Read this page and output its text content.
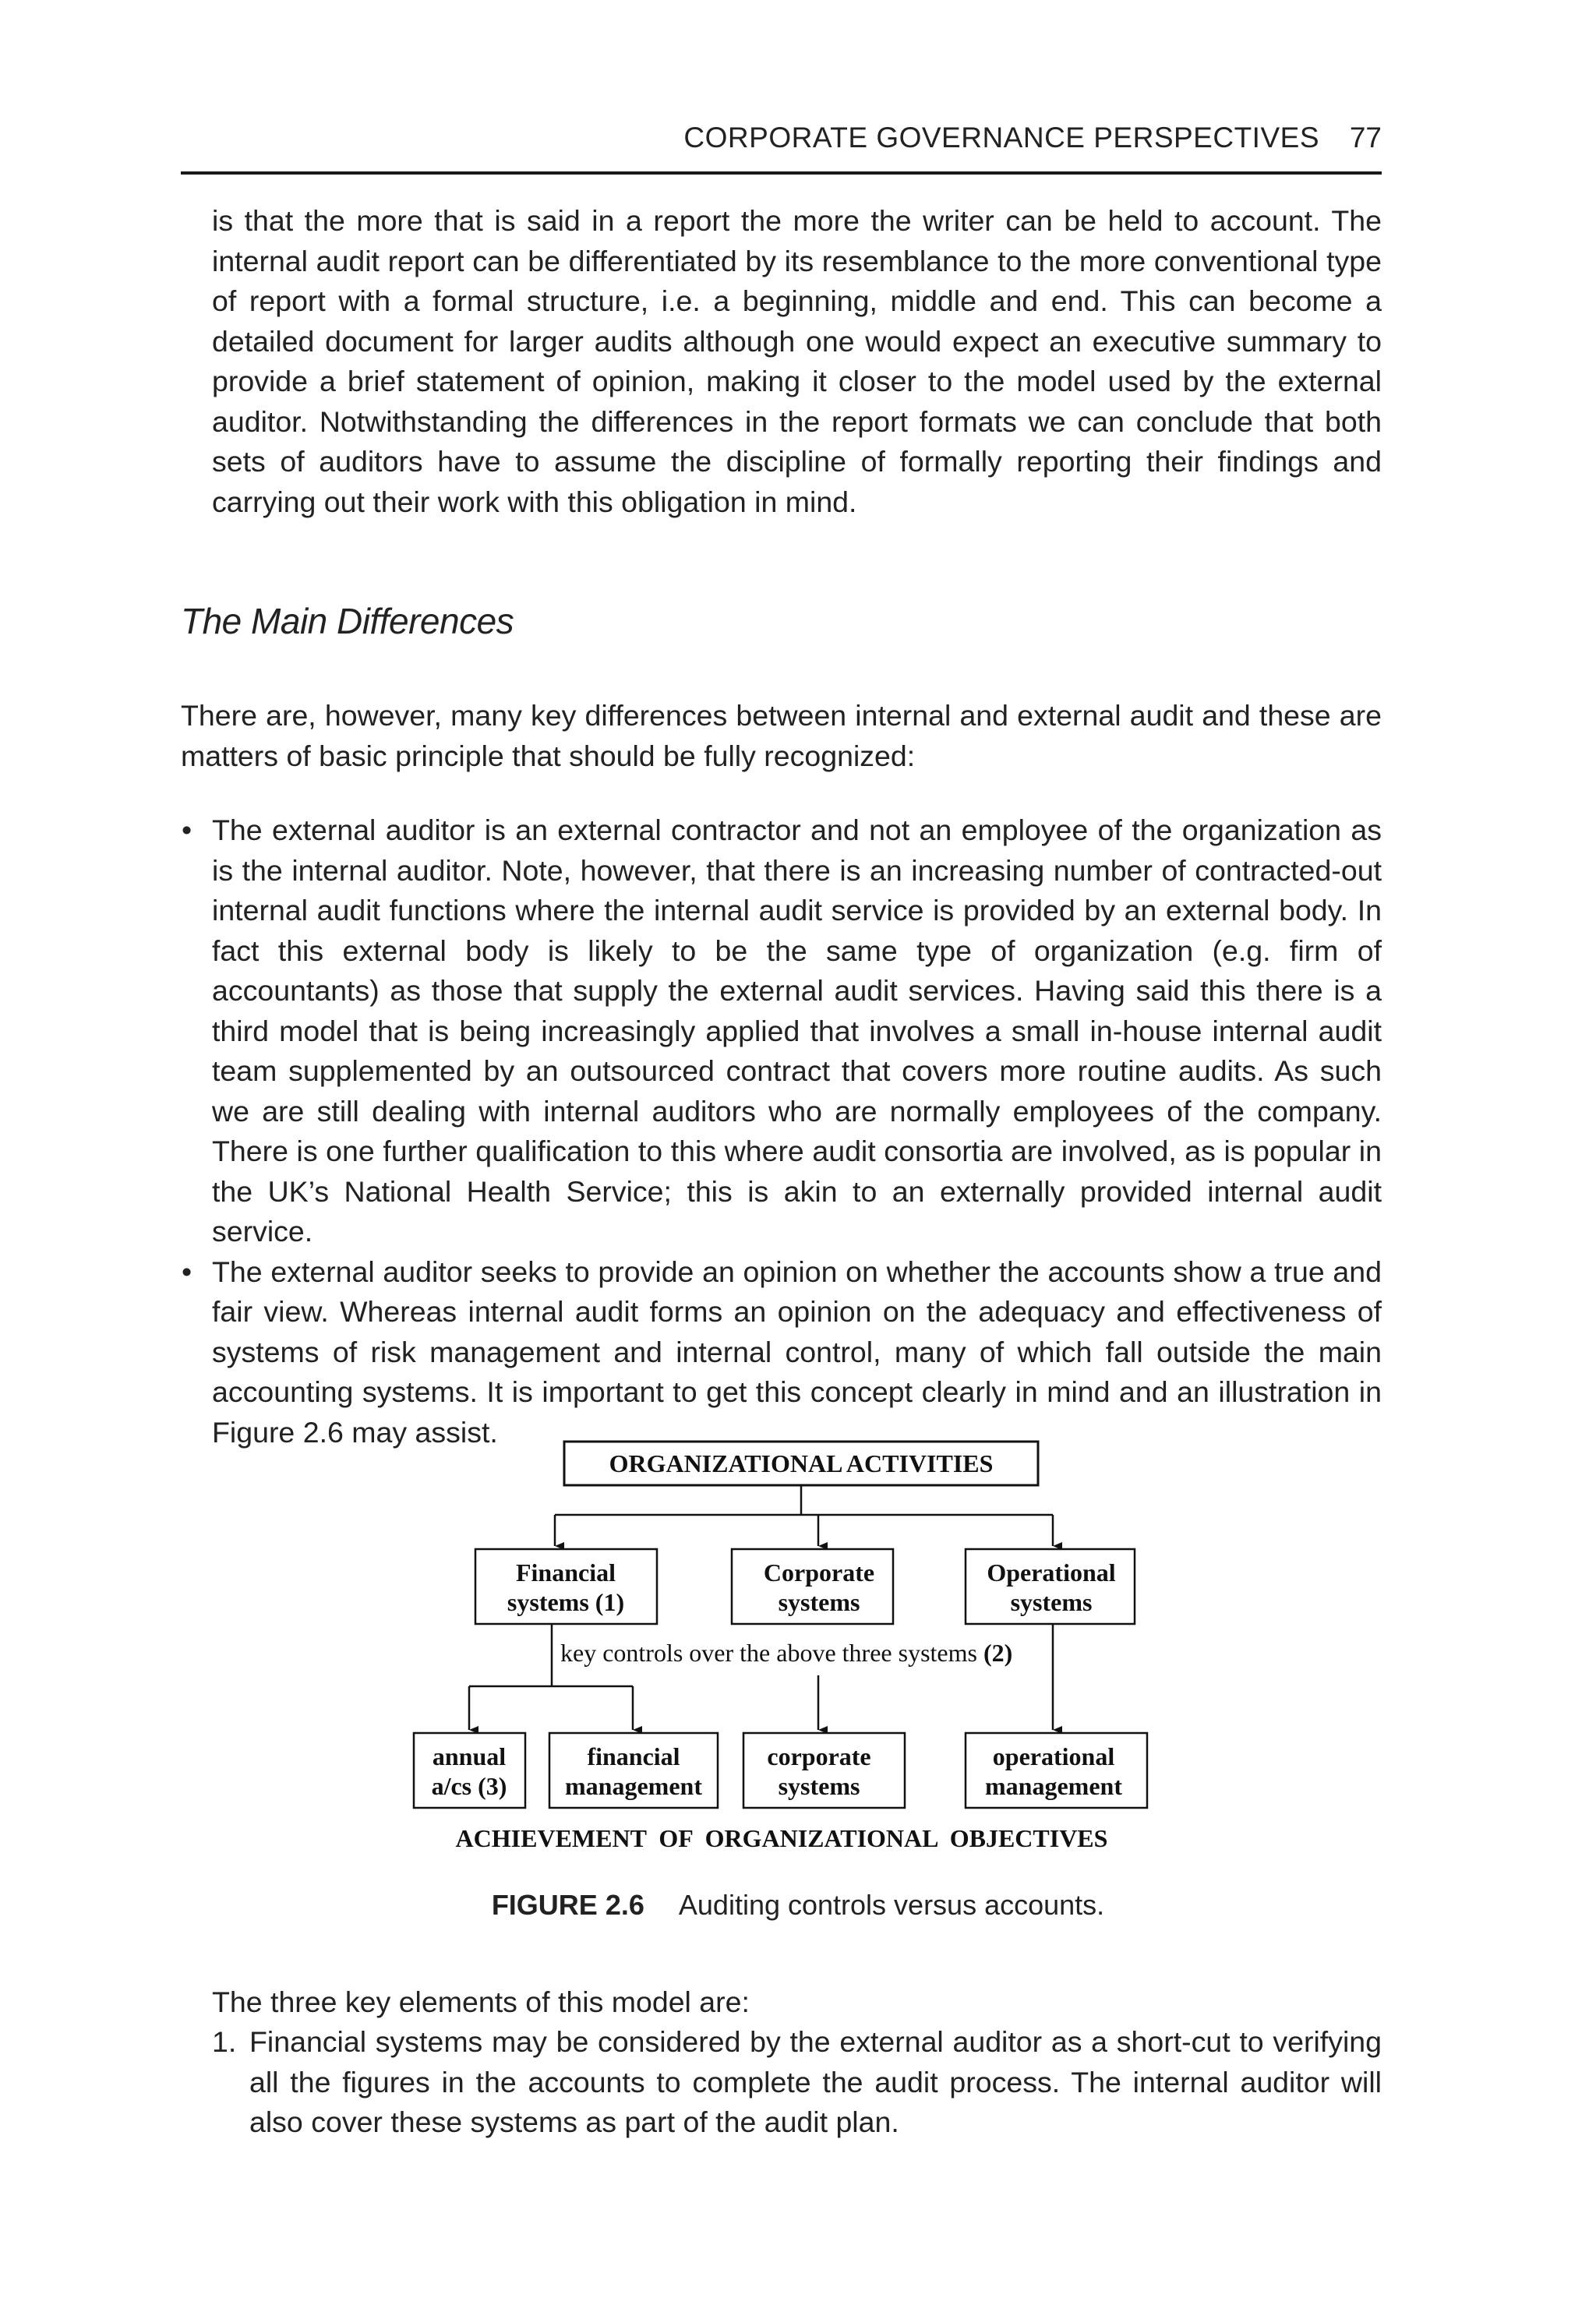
CORPORATE GOVERNANCE PERSPECTIVES 77

is that the more that is said in a report the more the writer can be held to account. The internal audit report can be differentiated by its resemblance to the more conventional type of report with a formal structure, i.e. a beginning, middle and end. This can become a detailed document for larger audits although one would expect an executive summary to provide a brief statement of opinion, making it closer to the model used by the external auditor. Notwithstanding the differences in the report formats we can conclude that both sets of auditors have to assume the discipline of formally reporting their findings and carrying out their work with this obligation in mind.

The Main Differences

There are, however, many key differences between internal and external audit and these are matters of basic principle that should be fully recognized:

• The external auditor is an external contractor and not an employee of the organization as is the internal auditor. Note, however, that there is an increasing number of contracted-out internal audit functions where the internal audit service is provided by an external body. In fact this external body is likely to be the same type of organization (e.g. firm of accountants) as those that supply the external audit services. Having said this there is a third model that is being increasingly applied that involves a small in-house internal audit team supplemented by an outsourced contract that covers more routine audits. As such we are still dealing with internal auditors who are normally employees of the company. There is one further qualification to this where audit consortia are involved, as is popular in the UK’s National Health Service; this is akin to an externally provided internal audit service.
• The external auditor seeks to provide an opinion on whether the accounts show a true and fair view. Whereas internal audit forms an opinion on the adequacy and effectiveness of systems of risk management and internal control, many of which fall outside the main accounting systems. It is important to get this concept clearly in mind and an illustration in Figure 2.6 may assist.
ORGANIZATIONAL ACTIVITIES
Financial
systems (1)
Corporate
systems
Operational
systems
key controls over the above three systems (2)
annual
a/cs (3)
financial
management
corporate
systems
operational
management
ACHIEVEMENT  OF  ORGANIZATIONAL  OBJECTIVES
FIGURE 2.6 Auditing controls versus accounts.

The three key elements of this model are:

1. Financial systems may be considered by the external auditor as a short-cut to verifying all the figures in the accounts to complete the audit process. The internal auditor will also cover these systems as part of the audit plan.
